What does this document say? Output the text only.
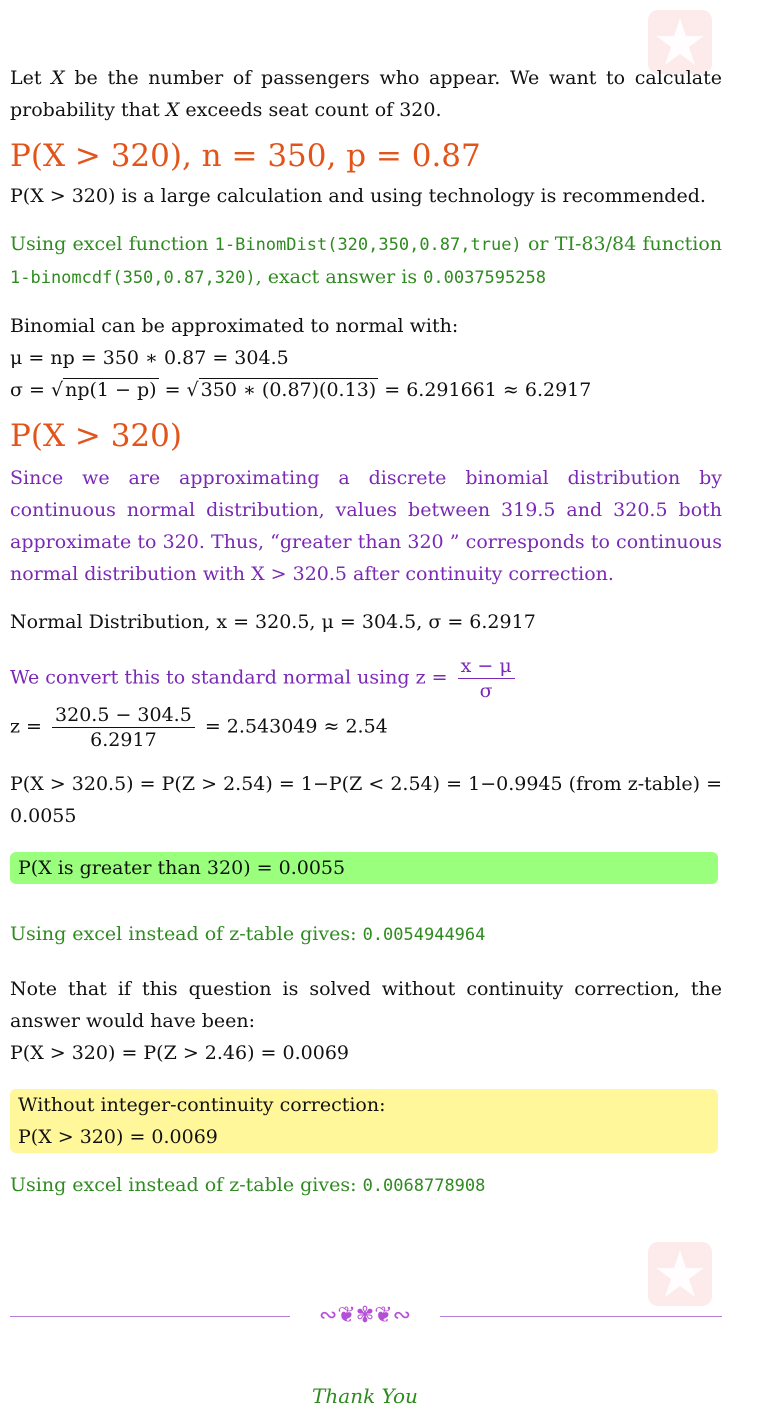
Let X be the number of passengers who appear. We want to calculate probability that X exceeds seat count of 320.

P(X > 320), n = 350, p = 0.87

P(X > 320) is a large calculation and using technology is recommended.

Using excel function 1-BinomDist(320,350,0.87,true) or TI-83/84 function 1-binomcdf(350,0.87,320), exact answer is 0.0037595258

Binomial can be approximated to normal with:

μ = np = 350 ∗ 0.87 = 304.5

σ = √ np(1 − p) = √ 350 ∗ (0.87)(0.13) = 6.291661 ≈ 6.2917

P(X > 320)

Since we are approximating a discrete binomial distribution by continuous normal distribution, values between 319.5 and 320.5 both approximate to 320. Thus, “greater than 320 ” corresponds to continuous normal distribution with X > 320.5 after continuity correction.

Normal Distribution, x = 320.5, μ = 304.5, σ = 6.2917

We convert this to standard normal using $z = \frac{x - \mu}{\sigma}$

$z = \frac{320.5 - 304.5}{6.2917} = 2.543049 \approx 2.54$

P(X > 320.5) = P(Z > 2.54) = 1−P(Z < 2.54) = 1−0.9945 (from z-table) = 0.0055

P(X is greater than 320) = 0.0055

Using excel instead of z-table gives: 0.0054944964

Note that if this question is solved without continuity correction, the answer would have been:

P(X > 320) = P(Z > 2.46) = 0.0069

Without integer-continuity correction:

P(X > 320) = 0.0069

Using excel instead of z-table gives: 0.0068778908

∾❦✾❦∾
Thank You
